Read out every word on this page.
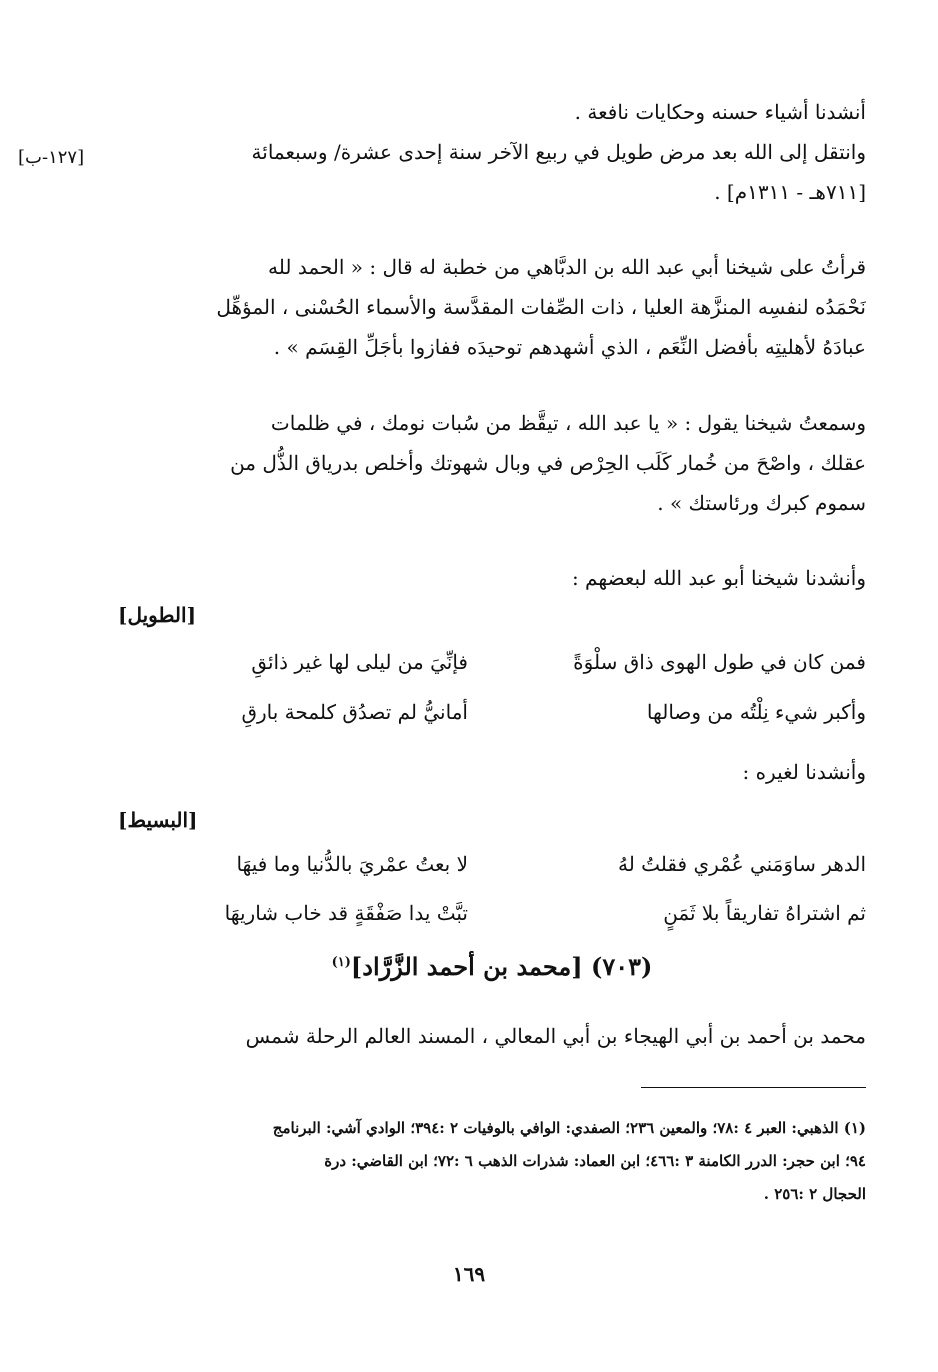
[١٢٧-ب]
أنشدنا أشياء حسنه وحكايات نافعة .
وانتقل إلى الله بعد مرض طويل في ربيع الآخر سنة إحدى عشرة/ وسبعمائة
[٧١١هـ - ١٣١١م] .
قرأتُ على شيخنا أبي عبد الله بن الدبَّاهي من خطبة له قال : « الحمد لله
نَحْمَدُه لنفسِه المنزَّهة العليا ، ذات الصِّفات المقدَّسة والأسماء الحُسْنى ، المؤهِّل
عبادَهُ لأهليتِه بأفضل النِّعَم ، الذي أشهدهم توحيدَه ففازوا بأجَلِّ القِسَم » .
وسمعتُ شيخنا يقول : « يا عبد الله ، تيقَّظ من سُبات نومك ، في ظلمات
عقلك ، واصْحَ من خُمار كَلَب الحِرْص في وبال شهوتك وأخلص بدرياق الذُّل من
سموم كبرك ورئاستك » .
وأنشدنا شيخنا أبو عبد الله لبعضهم :
[الطويل]
فمن كان في طول الهوى ذاق سلْوَةً
فإنِّيَ من ليلى لها غير ذائقِ
وأكبر شيء نِلْتُه من وصالها
أمانيُّ لم تصدُق كلمحة بارقِ
وأنشدنا لغيره :
[البسيط]
الدهر ساوَمَني عُمْري فقلتُ لهُ
لا بعتُ عمْريَ بالدُّنيا وما فيهَا
ثم اشتراهُ تفاريقاً بلا ثَمَنٍ
تبَّتْ يدا صَفْقَةٍ قد خاب شاريهَا
(٧٠٣) [محمد بن أحمد الزَّرَّاد]$^{(١)}$
محمد بن أحمد بن أبي الهيجاء بن أبي المعالي ، المسند العالم الرحلة شمس
(١) الذهبي: العبر ٤ :٧٨؛ والمعين ٢٣٦؛ الصفدي: الوافي بالوفيات ٢ :٣٩٤؛ الوادي آشي: البرنامج
٩٤؛ ابن حجر: الدرر الكامنة ٣ :٤٦٦؛ ابن العماد: شذرات الذهب ٦ :٧٢؛ ابن القاضي: درة
الحجال ٢ :٢٥٦ .
١٦٩
